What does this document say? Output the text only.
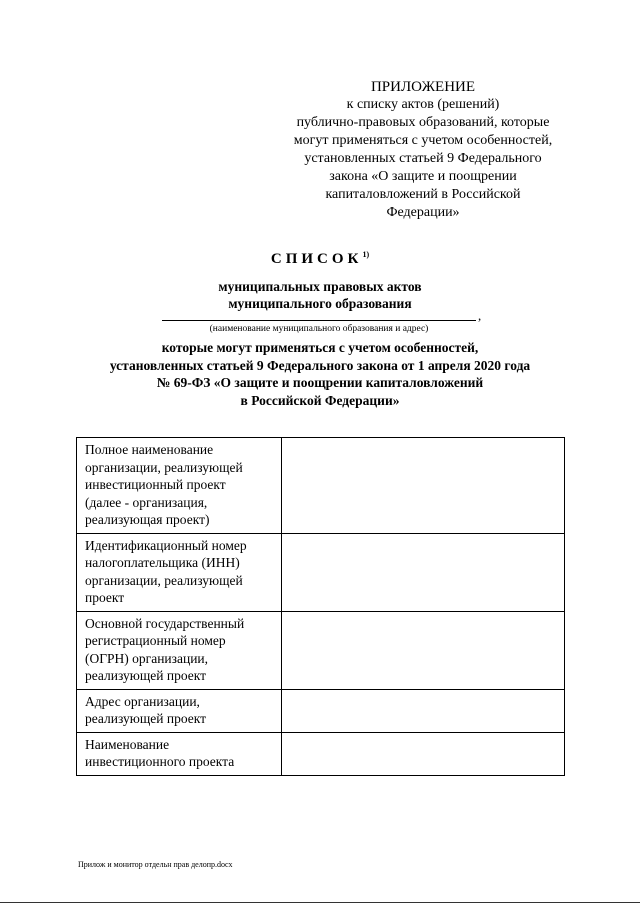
ПРИЛОЖЕНИЕ
к списку актов (решений)
публично-правовых образований, которые
могут применяться с учетом особенностей,
установленных статьей 9 Федерального
закона «О защите и поощрении
капиталовложений в Российской
Федерации»
СПИСОК$^{1)}$
муниципальных правовых актов
муниципального образования
,
(наименование муниципального образования и адрес)
которые могут применяться с учетом особенностей,
установленных статьей 9 Федерального закона от 1 апреля 2020 года
№ 69-ФЗ «О защите и поощрении капиталовложений
в Российской Федерации»
Полное наименование
организации, реализующей
инвестиционный проект
(далее - организация,
реализующая проект)	

Идентификационный номер
налогоплательщика (ИНН)
организации, реализующей
проект	

Основной государственный
регистрационный номер
(ОГРН) организации,
реализующей проект	

Адрес организации,
реализующей проект	

Наименование
инвестиционного проекта	

Прилож и монитор отдельн прав делопр.docx
